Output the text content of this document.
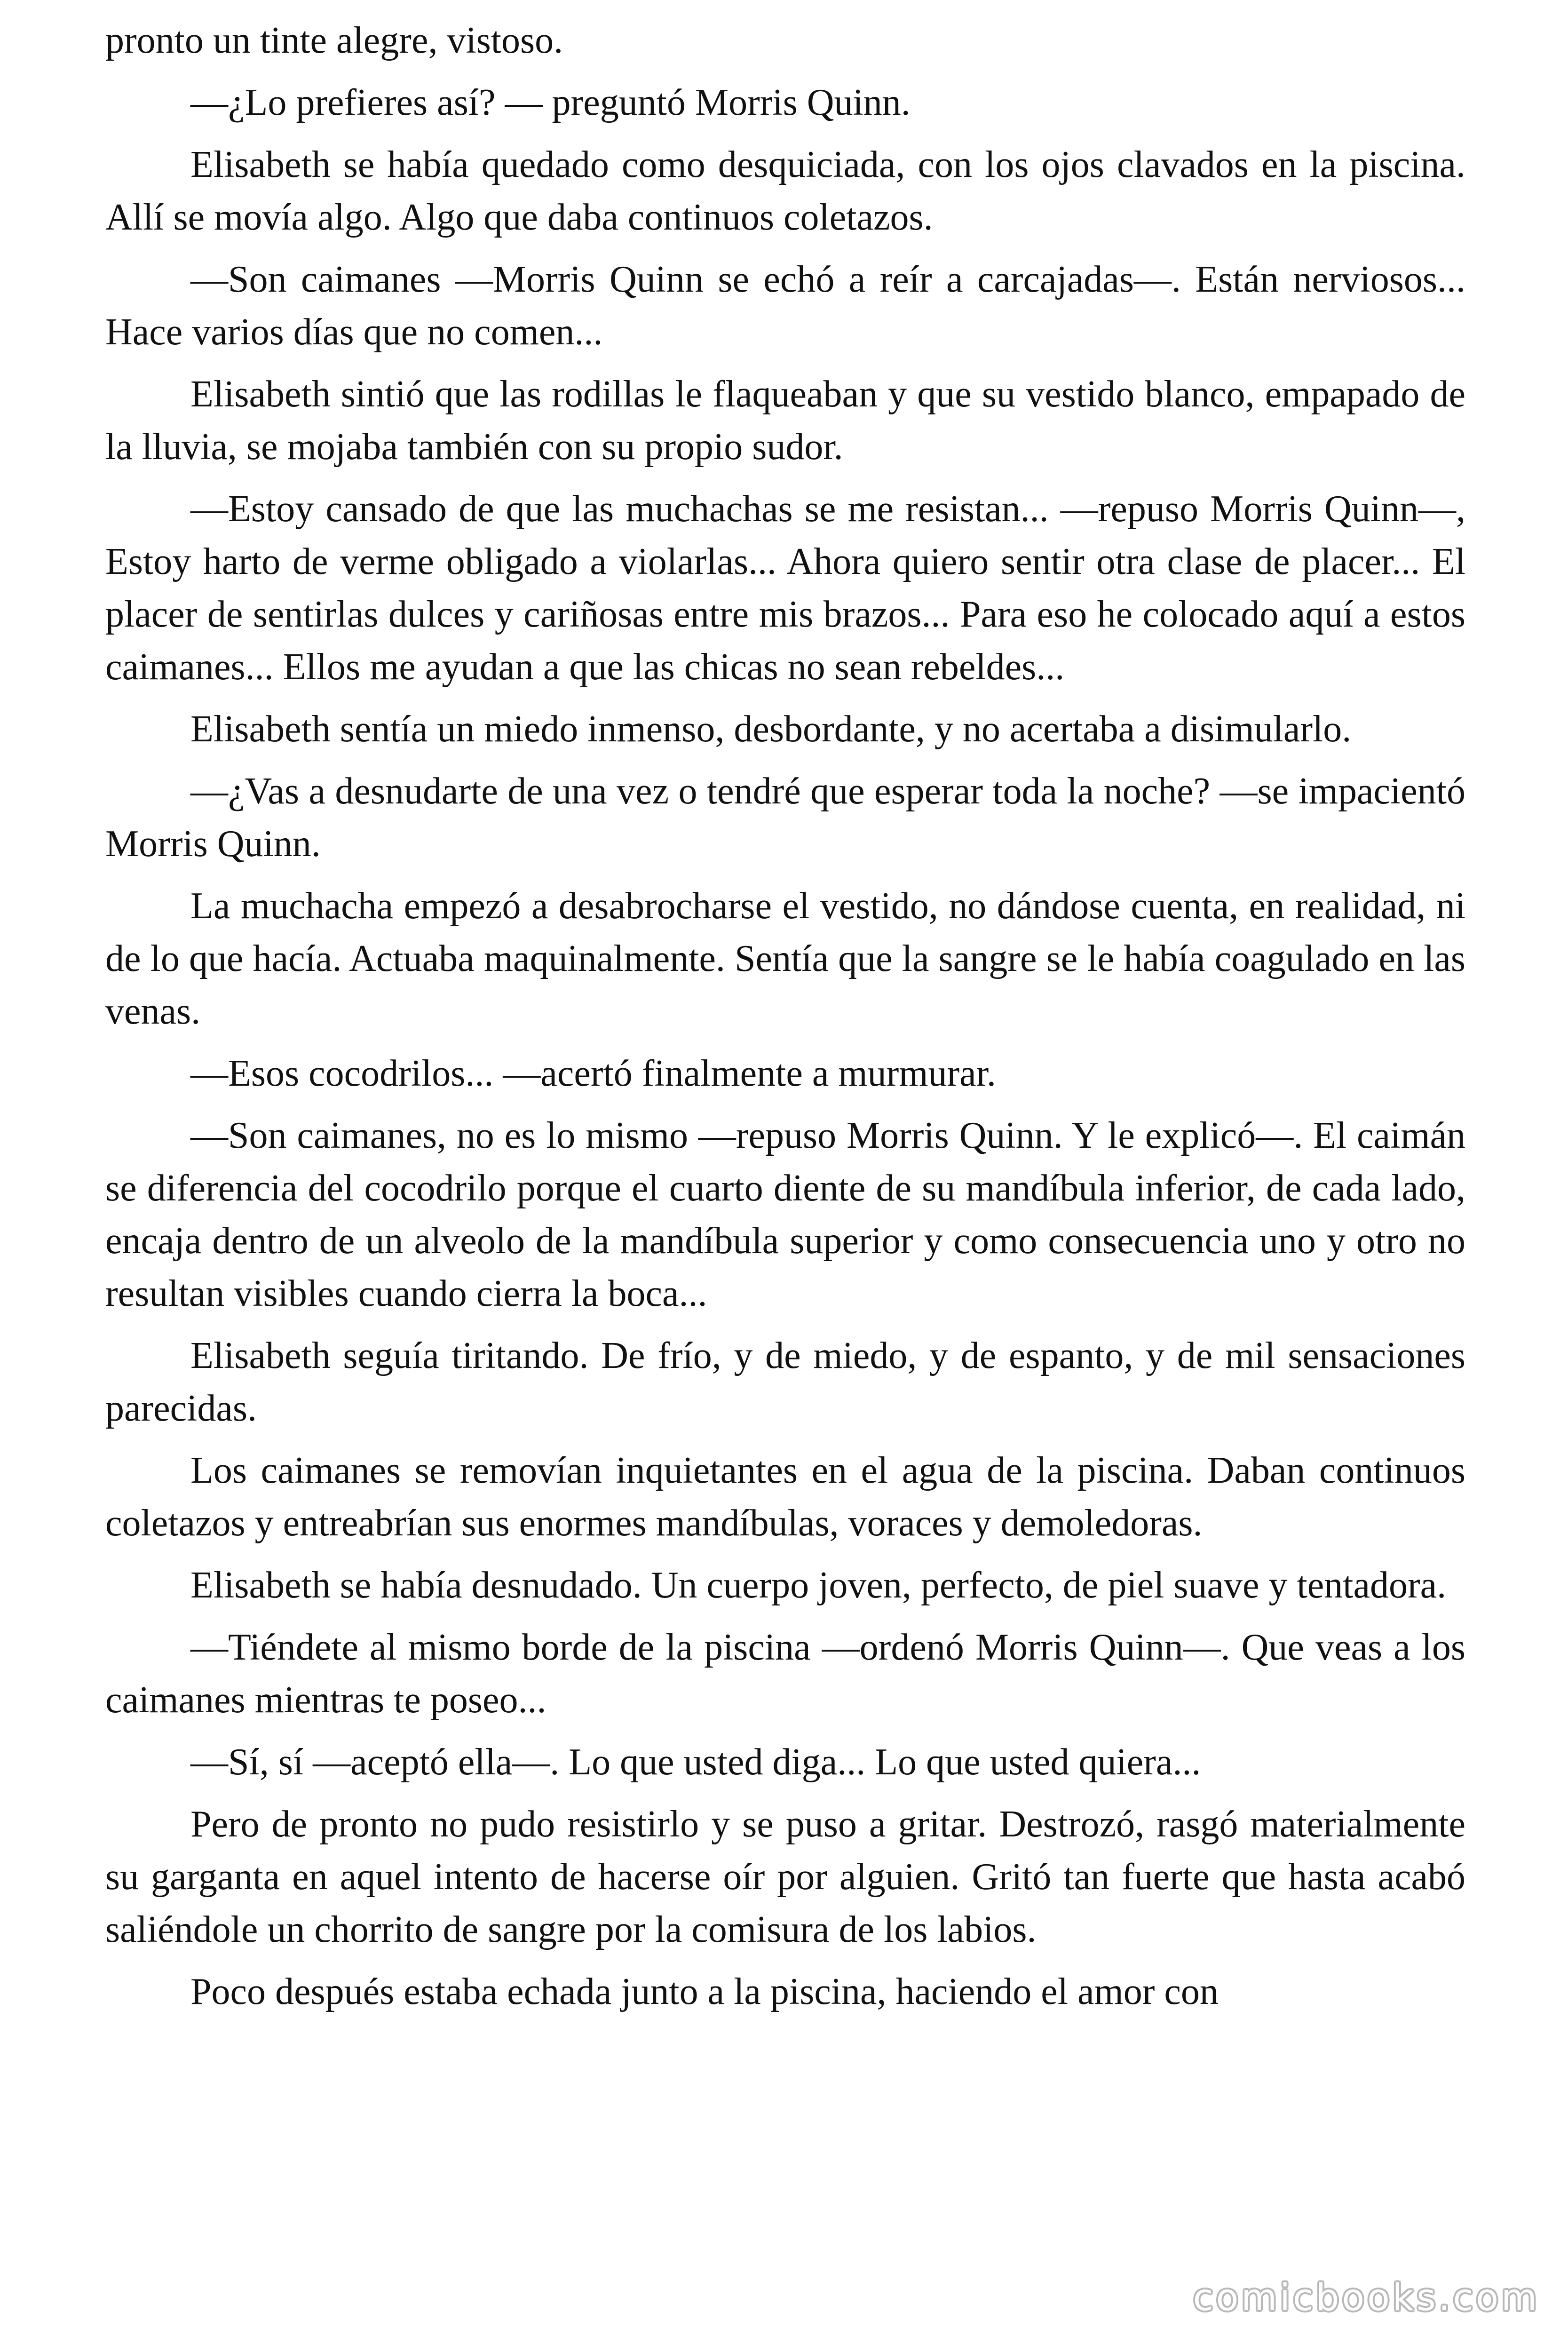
pronto un tinte alegre, vistoso.

—¿Lo prefieres así? — preguntó Morris Quinn.

Elisabeth se había quedado como desquiciada, con los ojos clavados en la piscina. Allí se movía algo. Algo que daba continuos coletazos.

—Son caimanes —Morris Quinn se echó a reír a carcajadas—. Están nerviosos... Hace varios días que no comen...

Elisabeth sintió que las rodillas le flaqueaban y que su vestido blanco, empapado de la lluvia, se mojaba también con su propio sudor.

—Estoy cansado de que las muchachas se me resistan... —repuso Morris Quinn—, Estoy harto de verme obligado a violarlas... Ahora quiero sentir otra clase de placer... El placer de sentirlas dulces y cariñosas entre mis brazos... Para eso he colocado aquí a estos caimanes... Ellos me ayudan a que las chicas no sean rebeldes...

Elisabeth sentía un miedo inmenso, desbordante, y no acertaba a disimularlo.

—¿Vas a desnudarte de una vez o tendré que esperar toda la noche? —se impacientó Morris Quinn.

La muchacha empezó a desabrocharse el vestido, no dándose cuenta, en realidad, ni de lo que hacía. Actuaba maquinalmente. Sentía que la sangre se le había coagulado en las venas.

—Esos cocodrilos... —acertó finalmente a murmurar.

—Son caimanes, no es lo mismo —repuso Morris Quinn. Y le explicó—. El caimán se diferencia del cocodrilo porque el cuarto diente de su mandíbula inferior, de cada lado, encaja dentro de un alveolo de la mandíbula superior y como consecuencia uno y otro no resultan visibles cuando cierra la boca...

Elisabeth seguía tiritando. De frío, y de miedo, y de espanto, y de mil sensaciones parecidas.

Los caimanes se removían inquietantes en el agua de la piscina. Daban continuos coletazos y entreabrían sus enormes mandíbulas, voraces y demoledoras.

Elisabeth se había desnudado. Un cuerpo joven, perfecto, de piel suave y tentadora.

—Tiéndete al mismo borde de la piscina —ordenó Morris Quinn—. Que veas a los caimanes mientras te poseo...

—Sí, sí —aceptó ella—. Lo que usted diga... Lo que usted quiera...

Pero de pronto no pudo resistirlo y se puso a gritar. Destrozó, rasgó materialmente su garganta en aquel intento de hacerse oír por alguien. Gritó tan fuerte que hasta acabó saliéndole un chorrito de sangre por la comisura de los labios.

Poco después estaba echada junto a la piscina, haciendo el amor con

comicbooks.com
